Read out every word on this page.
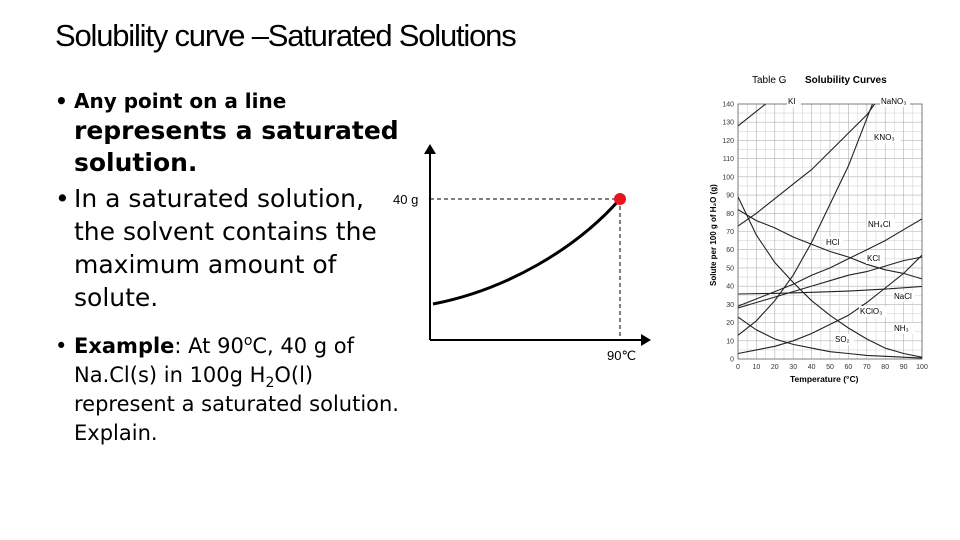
Solubility curve –Saturated Solutions

• Any point on a line
represents a saturated solution.

• In a saturated solution, the solvent contains the maximum amount of solute.

• Example: At 90$^o$C, 40 g of Na.Cl(s) in 100g $H_2O(l)$ represent a saturated solution. Explain.

40 g
90℃
Table G Solubility Curves
0
10
20
30
40
50
60
70
80
90
100
110
120
130
140
0 10 20 30 40 50 60 70 80 90 100
Solute per 100 g of H₂O (g)
Temperature (°C)
KI	NaNO₃
KNO₃
NH₄Cl
HCl
KCl
NaCl
KClO₃
NH₃
SO₂
